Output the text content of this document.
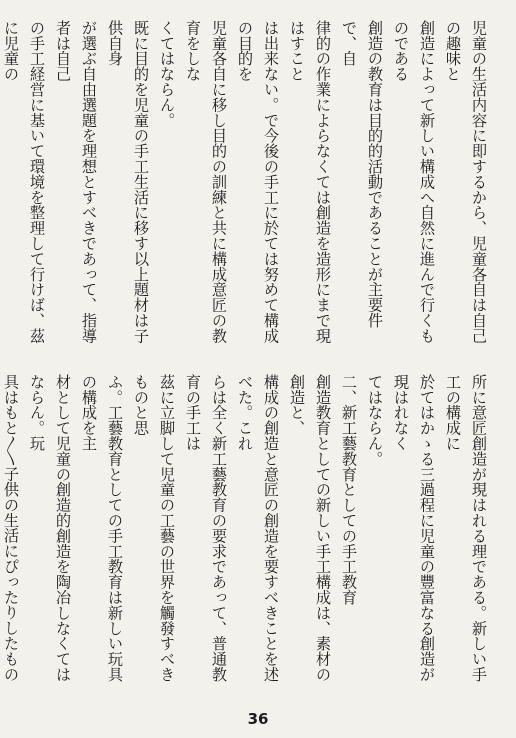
児童の生活内容に即するから、児童各自は自己の趣味と
創造によって新しい構成へ自然に進んで行くものである
創造の教育は目的的活動であることが主要件で、自
律的の作業によらなくては創造を造形にまで現はすこと
は出来ない。で今後の手工に於ては努めて構成の目的を
児童各自に移し目的の訓練と共に構成意匠の教育をしな
くてはならん。
既に目的を児童の手工生活に移す以上題材は子供自身
が選ぶ自由選題を理想とすべきであって、指導者は自己
の手工経営に基いて環境を整理して行けば、茲に児童の

所に意匠創造が現はれる理である。新しい手工の構成に
於てはかゝる三過程に児童の豐富なる創造が現はれなく
てはならん。
二、新工藝教育としての手工教育
創造教育としての新しい手工構成は、素材の創造と、
構成の創造と意匠の創造を要すべきことを述べた。これ
らは全く新工藝教育の要求であって、普通教育の手工は
茲に立脚して児童の工藝の世界を觸發すべきものと思
ふ。工藝教育としての手工教育は新しい玩具の構成を主
材として児童の創造的創造を陶冶しなくてはならん。玩
具はもと〳〵子供の生活にぴったりしたもの

36
